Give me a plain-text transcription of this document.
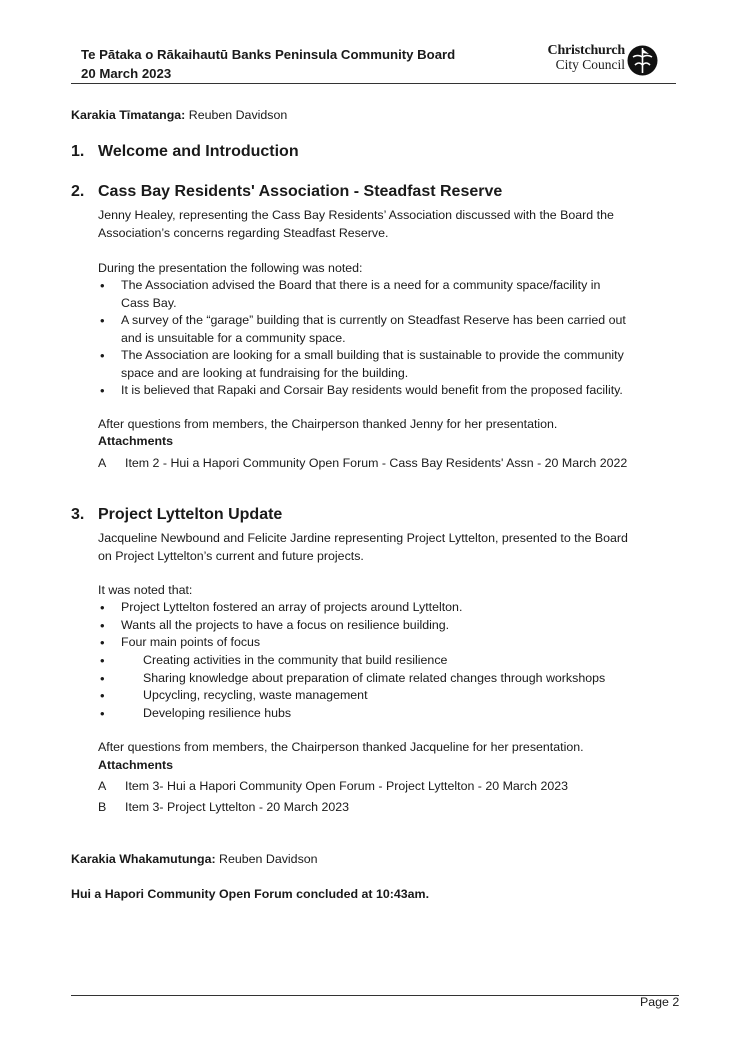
Te Pātaka o Rākaihautū Banks Peninsula Community Board
20 March 2023
Christchurch
City Council
Karakia Tīmatanga: Reuben Davidson
1. Welcome and Introduction
2. Cass Bay Residents' Association - Steadfast Reserve
Jenny Healey, representing the Cass Bay Residents’ Association discussed with the Board the
Association’s concerns regarding Steadfast Reserve.
During the presentation the following was noted:
• The Association advised the Board that there is a need for a community space/facility in
Cass Bay.
• A survey of the “garage” building that is currently on Steadfast Reserve has been carried out
and is unsuitable for a community space.
• The Association are looking for a small building that is sustainable to provide the community
space and are looking at fundraising for the building.
• It is believed that Rapaki and Corsair Bay residents would benefit from the proposed facility.
After questions from members, the Chairperson thanked Jenny for her presentation.
Attachments
A Item 2 - Hui a Hapori Community Open Forum - Cass Bay Residents' Assn - 20 March 2022
3. Project Lyttelton Update
Jacqueline Newbound and Felicite Jardine representing Project Lyttelton, presented to the Board
on Project Lyttelton’s current and future projects.
It was noted that:
• Project Lyttelton fostered an array of projects around Lyttelton.
• Wants all the projects to have a focus on resilience building.
• Four main points of focus
• Creating activities in the community that build resilience
• Sharing knowledge about preparation of climate related changes through workshops
• Upcycling, recycling, waste management
• Developing resilience hubs
After questions from members, the Chairperson thanked Jacqueline for her presentation.
Attachments
A Item 3- Hui a Hapori Community Open Forum - Project Lyttelton - 20 March 2023
B Item 3- Project Lyttelton - 20 March 2023
Karakia Whakamutunga: Reuben Davidson
Hui a Hapori Community Open Forum concluded at 10:43am.
Page 2
